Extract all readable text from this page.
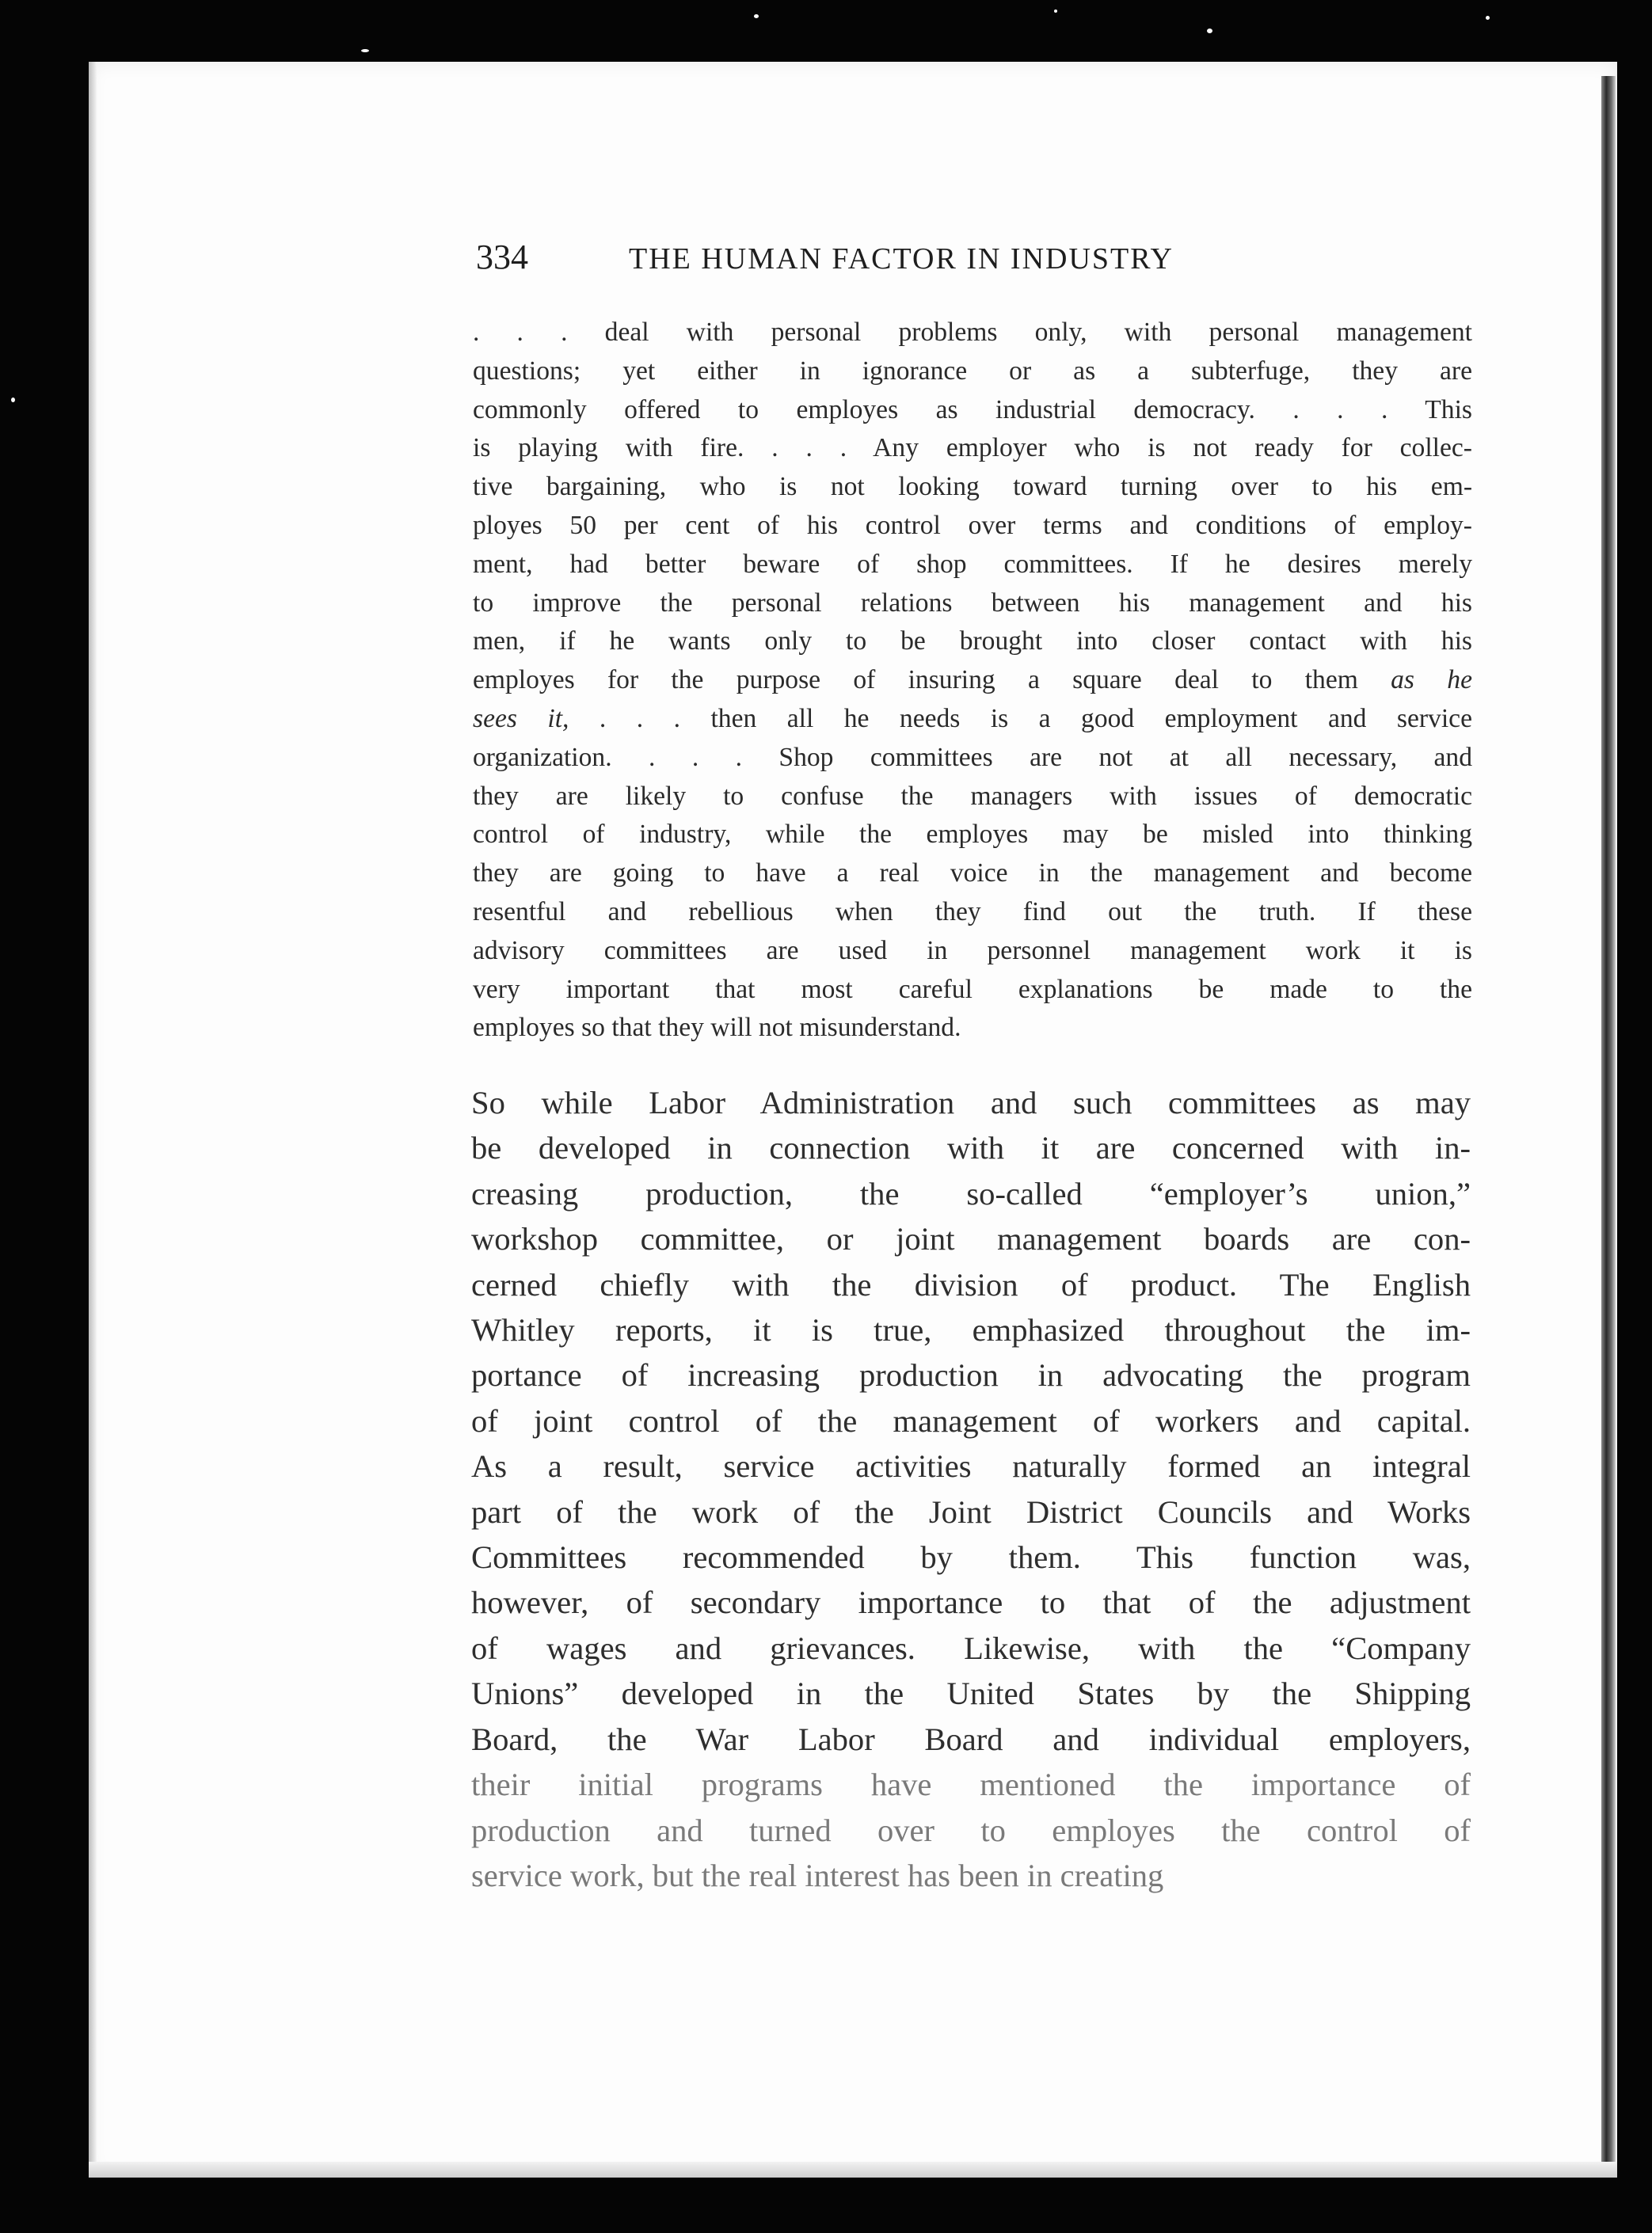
334	THE HUMAN FACTOR IN INDUSTRY
. . . deal with personal problems only, with personal management
questions; yet either in ignorance or as a subterfuge, they are
commonly offered to employes as industrial democracy. . . . This
is playing with fire. . . . Any employer who is not ready for collec-
tive bargaining, who is not looking toward turning over to his em-
ployes 50 per cent of his control over terms and conditions of employ-
ment, had better beware of shop committees. If he desires merely
to improve the personal relations between his management and his
men, if he wants only to be brought into closer contact with his
employes for the purpose of insuring a square deal to them as he
sees it, . . . then all he needs is a good employment and service
organization. . . . Shop committees are not at all necessary, and
they are likely to confuse the managers with issues of democratic
control of industry, while the employes may be misled into thinking
they are going to have a real voice in the management and become
resentful and rebellious when they find out the truth. If these
advisory committees are used in personnel management work it is
very important that most careful explanations be made to the
employes so that they will not misunderstand.
So while Labor Administration and such committees as may
be developed in connection with it are concerned with in-
creasing production, the so-called “employer’s union,”
workshop committee, or joint management boards are con-
cerned chiefly with the division of product. The English
Whitley reports, it is true, emphasized throughout the im-
portance of increasing production in advocating the program
of joint control of the management of workers and capital.
As a result, service activities naturally formed an integral
part of the work of the Joint District Councils and Works
Committees recommended by them. This function was,
however, of secondary importance to that of the adjustment
of wages and grievances. Likewise, with the “Company
Unions” developed in the United States by the Shipping
Board, the War Labor Board and individual employers,
their initial programs have mentioned the importance of
production and turned over to employes the control of
service work, but the real interest has been in creating
